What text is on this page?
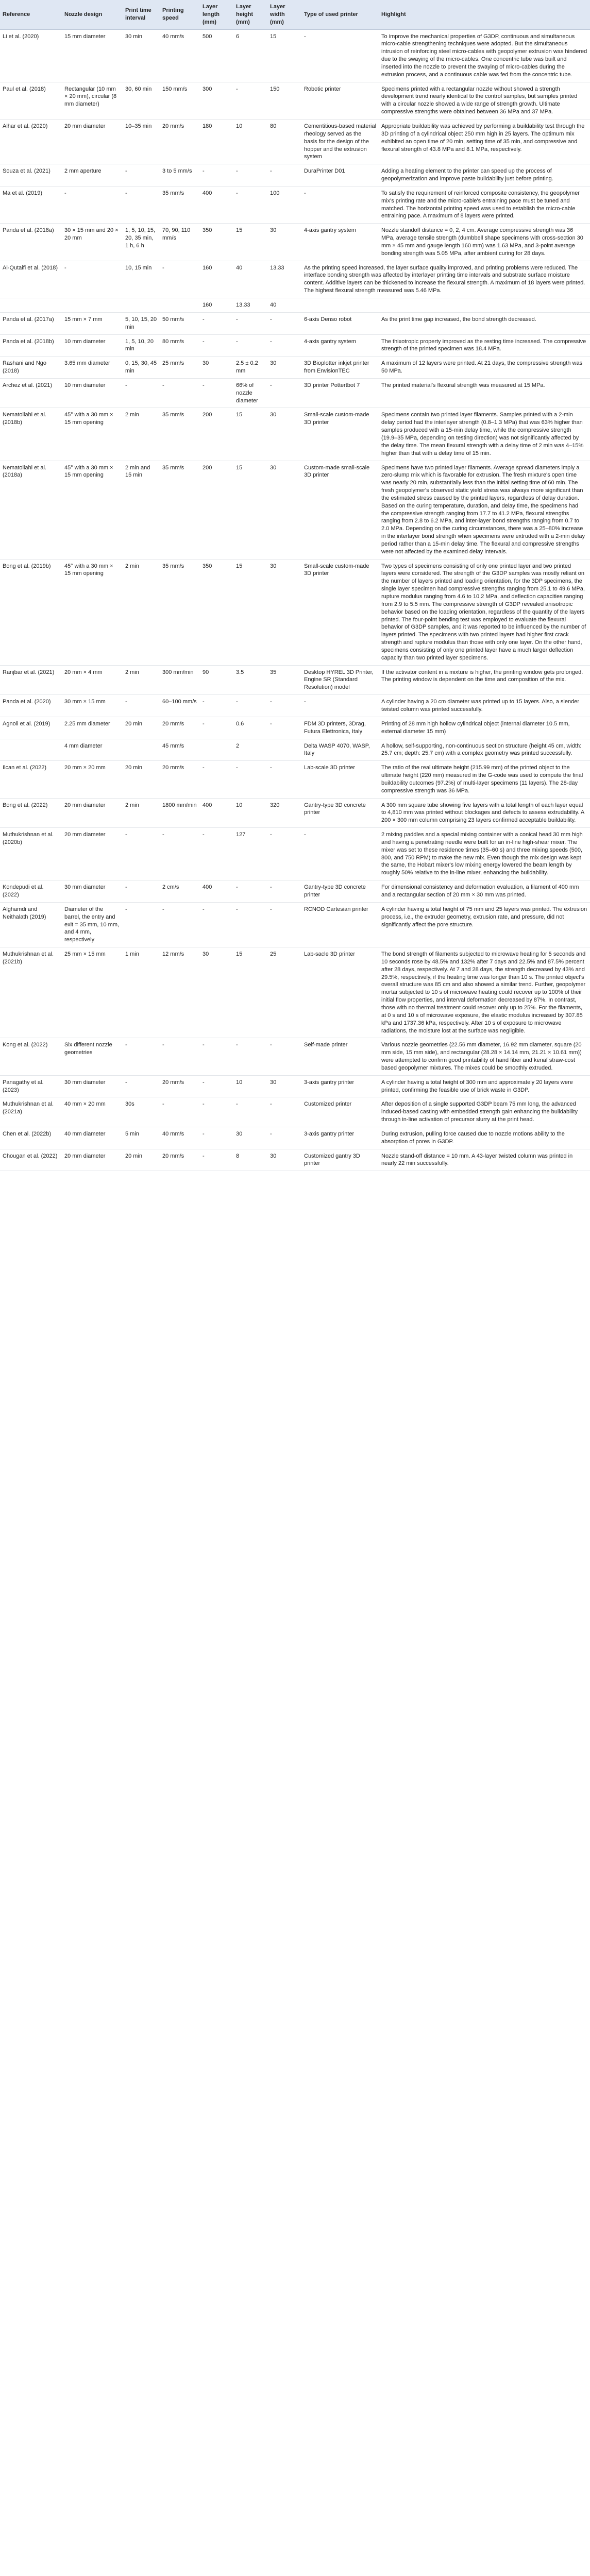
Reference	Nozzle design	Print time interval	Printing speed	Layer length (mm)	Layer height (mm)	Layer width (mm)	Type of used printer	Highlight
Li et al. (2020)	15 mm diameter	30 min	40 mm/s	500	6	15	-	To improve the mechanical properties of G3DP, continuous and simultaneous micro-cable strengthening techniques were adopted. But the simultaneous intrusion of reinforcing steel micro-cables with geopolymer extrusion was hindered due to the swaying of the micro-cables. One concentric tube was built and inserted into the nozzle to prevent the swaying of micro-cables during the extrusion process, and a continuous cable was fed from the concentric tube.
Paul et al. (2018)	Rectangular (10 mm × 20 mm), circular (8 mm diameter)	30, 60 min	150 mm/s	300	-	150	Robotic printer	Specimens printed with a rectangular nozzle without showed a strength development trend nearly identical to the control samples, but samples printed with a circular nozzle showed a wide range of strength growth. Ultimate compressive strengths were obtained between 36 MPa and 37 MPa.
Alhar et al. (2020)	20 mm diameter	10–35 min	20 mm/s	180	10	80	Cementitious-based material rheology served as the basis for the design of the hopper and the extrusion system	Appropriate buildability was achieved by performing a buildability test through the 3D printing of a cylindrical object 250 mm high in 25 layers. The optimum mix exhibited an open time of 20 min, setting time of 35 min, and compressive and flexural strength of 43.8 MPa and 8.1 MPa, respectively.
Souza et al. (2021)	2 mm aperture	-	3 to 5 mm/s	-	-	-	DuraPrinter D01	Adding a heating element to the printer can speed up the process of geopolymerization and improve paste buildability just before printing.
Ma et al. (2019)	-	-	35 mm/s	400	-	100	-	To satisfy the requirement of reinforced composite consistency, the geopolymer mix's printing rate and the micro-cable's entraining pace must be tuned and matched. The horizontal printing speed was used to establish the micro-cable entraining pace. A maximum of 8 layers were printed.
Panda et al. (2018a)	30 × 15 mm and 20 × 20 mm	1, 5, 10, 15, 20, 35 min, 1 h, 6 h	70, 90, 110 mm/s	350	15	30	4-axis gantry system	Nozzle standoff distance = 0, 2, 4 cm. Average compressive strength was 36 MPa, average tensile strength (dumbbell shape specimens with cross-section 30 mm × 45 mm and gauge length 160 mm) was 1.63 MPa, and 3-point average bonding strength was 5.05 MPa, after ambient curing for 28 days.
Al-Qutaifi et al. (2018)	-	10, 15 min	-	160	40	13.33	As the printing speed increased, the layer surface quality improved, and printing problems were reduced. The interface bonding strength was affected by interlayer printing time intervals and substrate surface moisture content. Additive layers can be thickened to increase the flexural strength. A maximum of 18 layers were printed. The highest flexural strength measured was 5.46 MPa.	
				160	13.33	40		
Panda et al. (2017a)	15 mm × 7 mm	5, 10, 15, 20 min	50 mm/s	-	-	-	6-axis Denso robot	As the print time gap increased, the bond strength decreased.
Panda et al. (2018b)	10 mm diameter	1, 5, 10, 20 min	80 mm/s	-	-	-	4-axis gantry system	The thixotropic property improved as the resting time increased. The compressive strength of the printed specimen was 18.4 MPa.
Rashani and Ngo (2018)	3.65 mm diameter	0, 15, 30, 45 min	25 mm/s	30	2.5 ± 0.2 mm	30	3D Bioplotter inkjet printer from EnvisionTEC	A maximum of 12 layers were printed. At 21 days, the compressive strength was 50 MPa.
Archez et al. (2021)	10 mm diameter	-	-	-	66% of nozzle diameter	-	3D printer Pottertbot 7	The printed material's flexural strength was measured at 15 MPa.
Nematollahi et al. (2018b)	45° with a 30 mm × 15 mm opening	2 min	35 mm/s	200	15	30	Small-scale custom-made 3D printer	Specimens contain two printed layer filaments. Samples printed with a 2-min delay period had the interlayer strength (0.8–1.3 MPa) that was 63% higher than samples produced with a 15-min delay time, while the compressive strength (19.9–35 MPa, depending on testing direction) was not significantly affected by the delay time. The mean flexural strength with a delay time of 2 min was 4–15% higher than that with a delay time of 15 min.
Nematollahi et al. (2018a)	45° with a 30 mm × 15 mm opening	2 min and 15 min	35 mm/s	200	15	30	Custom-made small-scale 3D printer	Specimens have two printed layer filaments. Average spread diameters imply a zero-slump mix which is favorable for extrusion. The fresh mixture's open time was nearly 20 min, substantially less than the initial setting time of 60 min. The fresh geopolymer's observed static yield stress was always more significant than the estimated stress caused by the printed layers, regardless of delay duration. Based on the curing temperature, duration, and delay time, the specimens had the compressive strength ranging from 17.7 to 41.2 MPa, flexural strengths ranging from 2.8 to 6.2 MPa, and inter-layer bond strengths ranging from 0.7 to 2.0 MPa. Depending on the curing circumstances, there was a 25–80% increase in the interlayer bond strength when specimens were extruded with a 2-min delay period rather than a 15-min delay time. The flexural and compressive strengths were not affected by the examined delay intervals.
Bong et al. (2019b)	45° with a 30 mm × 15 mm opening	2 min	35 mm/s	350	15	30	Small-scale custom-made 3D printer	Two types of specimens consisting of only one printed layer and two printed layers were considered. The strength of the G3DP samples was mostly reliant on the number of layers printed and loading orientation, for the 3DP specimens, the single layer specimen had compressive strengths ranging from 25.1 to 49.6 MPa, rupture modulus ranging from 4.6 to 10.2 MPa, and deflection capacities ranging from 2.9 to 5.5 mm. The compressive strength of G3DP revealed anisotropic behavior based on the loading orientation, regardless of the quantity of the layers printed. The four-point bending test was employed to evaluate the flexural behavior of G3DP samples, and it was reported to be influenced by the number of layers printed. The specimens with two printed layers had higher first crack strength and rupture modulus than those with only one layer. On the other hand, specimens consisting of only one printed layer have a much larger deflection capacity than two printed layer specimens.
Ranjbar et al. (2021)	20 mm × 4 mm	2 min	300 mm/min	90	3.5	35	Desktop HYREL 3D Printer, Engine SR (Standard Resolution) model	If the activator content in a mixture is higher, the printing window gets prolonged. The printing window is dependent on the time and composition of the mix.
Panda et al. (2020)	30 mm × 15 mm	-	60–100 mm/s	-	-	-	-	A cylinder having a 20 cm diameter was printed up to 15 layers. Also, a slender twisted column was printed successfully.
Agnoli et al. (2019)	2.25 mm diameter	20 min	20 mm/s	-	0.6	-	FDM 3D printers, 3Drag, Futura Elettronica, Italy	Printing of 28 mm high hollow cylindrical object (internal diameter 10.5 mm, external diameter 15 mm)
	4 mm diameter		45 mm/s		2		Delta WASP 4070, WASP, Italy	A hollow, self-supporting, non-continuous section structure (height 45 cm, width: 25.7 cm; depth: 25.7 cm) with a complex geometry was printed successfully.
Ilcan et al. (2022)	20 mm × 20 mm	20 min	20 mm/s	-	-	-	Lab-scale 3D printer	The ratio of the real ultimate height (215.99 mm) of the printed object to the ultimate height (220 mm) measured in the G-code was used to compute the final buildability outcomes (97.2%) of multi-layer specimens (11 layers). The 28-day compressive strength was 36 MPa.
Bong et al. (2022)	20 mm diameter	2 min	1800 mm/min	400	10	320	Gantry-type 3D concrete printer	A 300 mm square tube showing five layers with a total length of each layer equal to 4,810 mm was printed without blockages and defects to assess extrudability. A 200 × 300 mm column comprising 23 layers confirmed acceptable buildability.
Muthukrishnan et al. (2020b)	20 mm diameter	-	-	-	127	-	-	2 mixing paddles and a special mixing container with a conical head 30 mm high and having a penetrating needle were built for an in-line high-shear mixer. The mixer was set to these residence times (35–60 s) and three mixing speeds (500, 800, and 750 RPM) to make the new mix. Even though the mix design was kept the same, the Hobart mixer's low mixing energy lowered the beam length by roughly 50% relative to the in-line mixer, enhancing the buildability.
Kondepudi et al. (2022)	30 mm diameter	-	2 cm/s	400	-	-	Gantry-type 3D concrete printer	For dimensional consistency and deformation evaluation, a filament of 400 mm and a rectangular section of 20 mm × 30 mm was printed.
Alghamdi and Neithalath (2019)	Diameter of the barrel, the entry and exit = 35 mm, 10 mm, and 4 mm, respectively	-	-	-	-	-	RCNOD Cartesian printer	A cylinder having a total height of 75 mm and 25 layers was printed. The extrusion process, i.e., the extruder geometry, extrusion rate, and pressure, did not significantly affect the pore structure.
Muthukrishnan et al. (2021b)	25 mm × 15 mm	1 min	12 mm/s	30	15	25	Lab-sacle 3D printer	The bond strength of filaments subjected to microwave heating for 5 seconds and 10 seconds rose by 48.5% and 132% after 7 days and 22.5% and 87.5% percent after 28 days, respectively. At 7 and 28 days, the strength decreased by 43% and 29.5%, respectively, if the heating time was longer than 10 s. The printed object's overall structure was 85 cm and also showed a similar trend. Further, geopolymer mortar subjected to 10 s of microwave heating could recover up to 100% of their initial flow properties, and interval deformation decreased by 87%. In contrast, those with no thermal treatment could recover only up to 25%. For the filaments, at 0 s and 10 s of microwave exposure, the elastic modulus increased by 307.85 kPa and 1737.36 kPa, respectively. After 10 s of exposure to microwave radiations, the moisture lost at the surface was negligible.
Kong et al. (2022)	Six different nozzle geometries	-	-	-	-	-	Self-made printer	Various nozzle geometries (22.56 mm diameter, 16.92 mm diameter, square (20 mm side, 15 mm side), and rectangular (28.28 × 14.14 mm, 21.21 × 10.61 mm)) were attempted to confirm good printability of hand fiber and kenaf straw-cost based geopolymer mixtures. The mixes could be smoothly extruded.
Panagathy et al. (2023)	30 mm diameter	-	20 mm/s	-	10	30	3-axis gantry printer	A cylinder having a total height of 300 mm and approximately 20 layers were printed, confirming the feasible use of brick waste in G3DP.
Muthukrishnan et al. (2021a)	40 mm × 20 mm	30s	-	-	-	-	Customized printer	After deposition of a single supported G3DP beam 75 mm long, the advanced induced-based casting with embedded strength gain enhancing the buildability through in-line activation of precursor slurry at the print head.
Chen et al. (2022b)	40 mm diameter	5 min	40 mm/s	-	30	-	3-axis gantry printer	During extrusion, pulling force caused due to nozzle motions ability to the absorption of pores in G3DP.
Chougan et al. (2022)	20 mm diameter	20 min	20 mm/s	-	8	30	Customized gantry 3D printer	Nozzle stand-off distance = 10 mm. A 43-layer twisted column was printed in nearly 22 min successfully.
